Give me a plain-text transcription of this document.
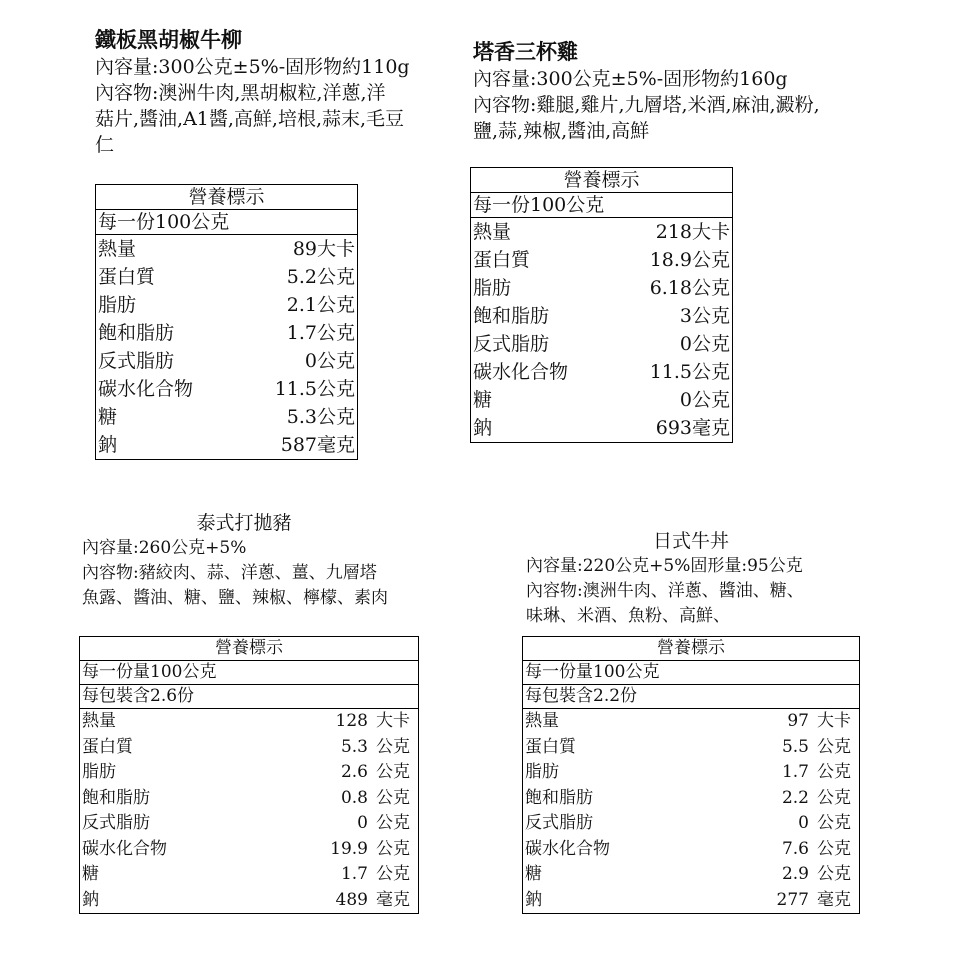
鐵板黑胡椒牛柳
內容量:300公克±5%-固形物約110g
內容物:澳洲牛肉,黑胡椒粒,洋蔥,洋
菇片,醬油,A1醬,高鮮,培根,蒜末,毛豆
仁
營養標示	
每一份100公克	
熱量	89大卡
蛋白質	5.2公克
脂肪	2.1公克
飽和脂肪	1.7公克
反式脂肪	0公克
碳水化合物	11.5公克
糖	5.3公克
鈉	587毫克
塔香三杯雞
內容量:300公克±5%-固形物約160g
內容物:雞腿,雞片,九層塔,米酒,麻油,澱粉,
鹽,蒜,辣椒,醬油,高鮮
營養標示	
每一份100公克	
熱量	218大卡
蛋白質	18.9公克
脂肪	6.18公克
飽和脂肪	3公克
反式脂肪	0公克
碳水化合物	11.5公克
糖	0公克
鈉	693毫克
泰式打拋豬
內容量:260公克+5%
內容物:豬絞肉、蒜、洋蔥、薑、九層塔
魚露、醬油、糖、鹽、辣椒、檸檬、素肉
營養標示		
每一份量100公克		
每包裝含2.6份		
熱量	128	大卡
蛋白質	5.3	公克
脂肪	2.6	公克
飽和脂肪	0.8	公克
反式脂肪	0	公克
碳水化合物	19.9	公克
糖	1.7	公克
鈉	489	毫克
日式牛丼
內容量:220公克+5%固形量:95公克
內容物:澳洲牛肉、洋蔥、醬油、糖、
味琳、米酒、魚粉、高鮮、
營養標示		
每一份量100公克		
每包裝含2.2份		
熱量	97	大卡
蛋白質	5.5	公克
脂肪	1.7	公克
飽和脂肪	2.2	公克
反式脂肪	0	公克
碳水化合物	7.6	公克
糖	2.9	公克
鈉	277	毫克
